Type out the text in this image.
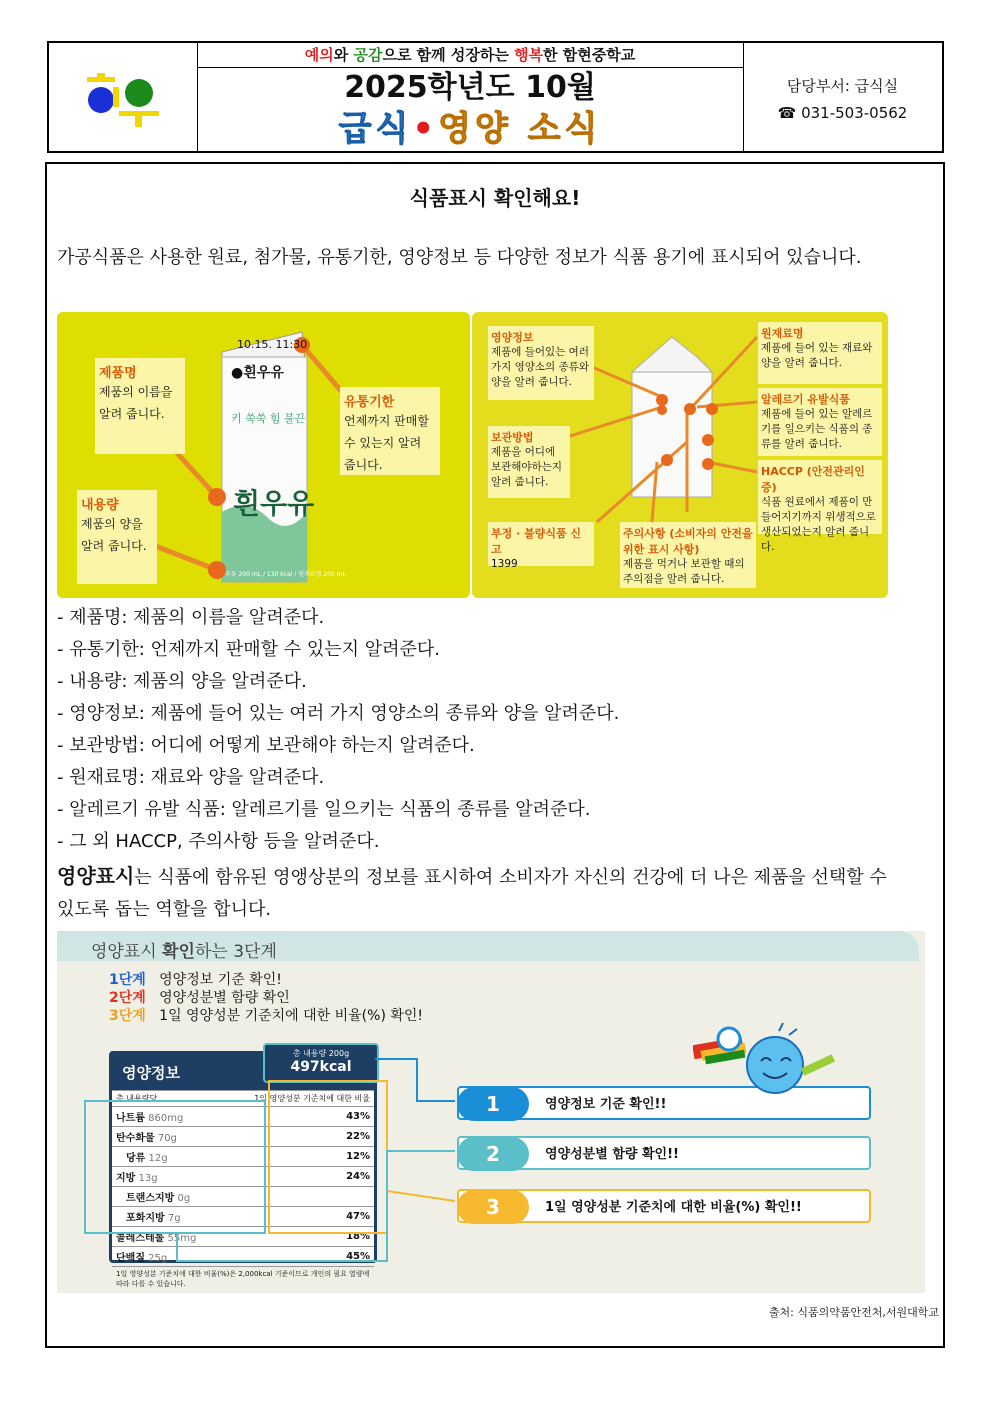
예의와 공감으로 함께 성장하는 행복한 함현중학교
2025학년도 10월
급식•영양 소식
담당부서: 급식실
☎ 031-503-0562
식품표시 확인해요!
가공식품은 사용한 원료, 첨가물, 유통기한, 영양정보 등 다양한 정보가 식품 용기에 표시되어 있습니다.
10.15. 11:30
●흰우유
키 쑥쑥 힘 불끈
흰우유
우유 200 mL / 130 kcal / 원재료명 200 mL
제품명
제품의 이름을 알려 줍니다.
유통기한
언제까지 판매할 수 있는지 알려 줍니다.
내용량
제품의 양을 알려 줍니다.
영양정보
제품에 들어있는 여러 가지 영양소의 종류와 양을 알려 줍니다.
보관방법
제품을 어디에 보관해야하는지 알려 줍니다.
부정 · 불량식품 신고
1399
주의사항 (소비자의 안전을 위한 표시 사항)
제품을 먹거나 보관할 때의 주의점을 알려 줍니다.
원재료명
제품에 들어 있는 재료와 양을 알려 줍니다.
알레르기 유발식품
제품에 들어 있는 알레르기를 일으키는 식품의 종류를 알려 줍니다.
HACCP (안전관리인증)
식품 원료에서 제품이 만들어지기까지 위생적으로 생산되었는지 알려 줍니다.
- 제품명: 제품의 이름을 알려준다.
- 유통기한: 언제까지 판매할 수 있는지 알려준다.
- 내용량: 제품의 양을 알려준다.
- 영양정보: 제품에 들어 있는 여러 가지 영양소의 종류와 양을 알려준다.
- 보관방법: 어디에 어떻게 보관해야 하는지 알려준다.
- 원재료명: 재료와 양을 알려준다.
- 알레르기 유발 식품: 알레르기를 일으키는 식품의 종류를 알려준다.
- 그 외 HACCP, 주의사항 등을 알려준다.
영양표시는 식품에 함유된 영앵상분의 정보를 표시하여 소비자가 자신의 건강에 더 나은 제품을 선택할 수 있도록 돕는 역할을 합니다.
영양표시 확인하는 3단계
1단계 영양정보 기준 확인!
2단계 영양성분별 함량 확인
3단계 1일 영양성분 기준치에 대한 비율(%) 확인!
영양정보
총 내용량당	1일 영양성분 기준치에 대한 비율
나트륨 860mg	43%
탄수화물 70g	22%
당류 12g	12%
지방 13g	24%
트랜스지방 0g	
포화지방 7g	47%
콜레스테롤 55mg	18%
단백질 25g	45%
1일 영양성분 기준치에 대한 비율(%)은 2,000kcal 기준이므로 개인의 필요 열량에 따라 다를 수 있습니다.
총 내용량 200g
497kcal
1	영양정보 기준 확인!!
2	영양성분별 함량 확인!!
3	1일 영양성분 기준치에 대한 비율(%) 확인!!
출처: 식품의약품안전처,서원대학교
